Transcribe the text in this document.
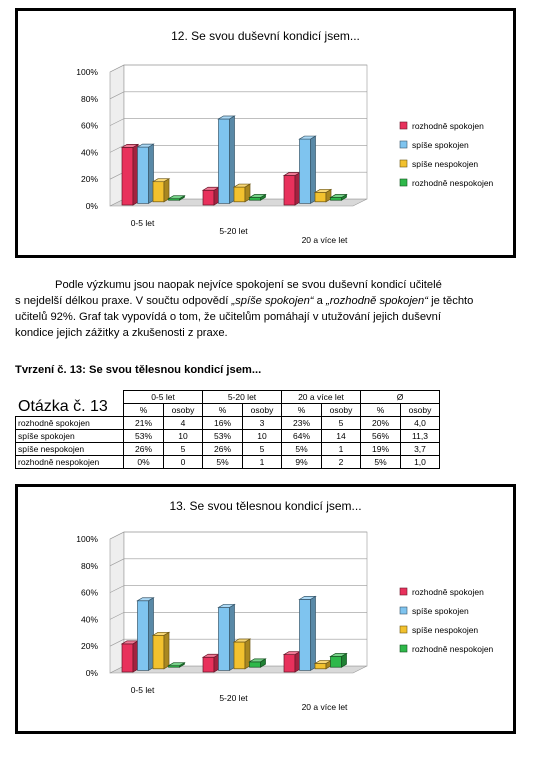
12. Se svou duševní kondicí jsem...
0%
20%
40%
60%
80%
100%
0-5 let
5-20 let
20 a více let
rozhodně spokojen
spíše spokojen
spíše nespokojen
rozhodně nespokojen

Podle výzkumu jsou naopak nejvíce spokojení se svou duševní kondicí učitelé

s nejdelší délkou praxe. V součtu odpovědí „spíše spokojen“ a „rozhodně spokojen“ je těchto

učitelů 92%. Graf tak vypovídá o tom, že učitelům pomáhají v utužování jejich duševní

kondice jejich zážitky a zkušenosti z praxe.

Tvrzení č. 13: Se svou tělesnou kondicí jsem...
Otázka č. 13	0-5 let		5-20 let		20 a více let		Ø	
	%	osoby	%	osoby	%	osoby	%	osoby
rozhodně spokojen	21%	4	16%	3	23%	5	20%	4,0
spíše spokojen	53%	10	53%	10	64%	14	56%	11,3
spíše nespokojen	26%	5	26%	5	5%	1	19%	3,7
rozhodně nespokojen	0%	0	5%	1	9%	2	5%	1,0
13. Se svou tělesnou kondicí jsem...
0%
20%
40%
60%
80%
100%
0-5 let
5-20 let
20 a více let
rozhodně spokojen
spíše spokojen
spíše nespokojen
rozhodně nespokojen
